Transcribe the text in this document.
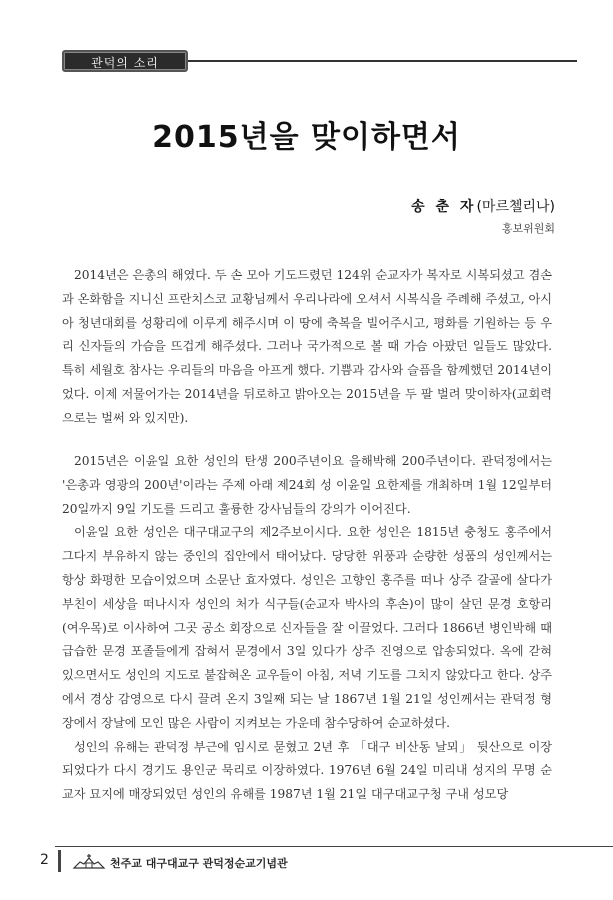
관덕의 소리
2015년을 맞이하면서
송 춘 자(마르첼리나)
홍보위원회

2014년은 은총의 해였다. 두 손 모아 기도드렸던 124위 순교자가 복자로 시복되셨고 겸손과 온화함을 지니신 프란치스코 교황님께서 우리나라에 오셔서 시복식을 주례해 주셨고, 아시아 청년대회를 성황리에 이루게 해주시며 이 땅에 축복을 빌어주시고, 평화를 기원하는 등 우리 신자들의 가슴을 뜨겁게 해주셨다. 그러나 국가적으로 볼 때 가슴 아팠던 일들도 많았다. 특히 세월호 참사는 우리들의 마음을 아프게 했다. 기쁨과 감사와 슬픔을 함께했던 2014년이었다. 이제 저물어가는 2014년을 뒤로하고 밝아오는 2015년을 두 팔 벌려 맞이하자(교회력으로는 벌써 와 있지만).

2015년은 이윤일 요한 성인의 탄생 200주년이요 을해박해 200주년이다. 관덕정에서는 '은총과 영광의 200년'이라는 주제 아래 제24회 성 이윤일 요한제를 개최하며 1월 12일부터 20일까지 9일 기도를 드리고 훌륭한 강사님들의 강의가 이어진다.

이윤일 요한 성인은 대구대교구의 제2주보이시다. 요한 성인은 1815년 충청도 홍주에서 그다지 부유하지 않는 중인의 집안에서 태어났다. 당당한 위풍과 순량한 성품의 성인께서는 항상 화평한 모습이었으며 소문난 효자였다. 성인은 고향인 홍주를 떠나 상주 갈골에 살다가 부친이 세상을 떠나시자 성인의 처가 식구들(순교자 박사의 후손)이 많이 살던 문경 호항리(여우목)로 이사하여 그곳 공소 회장으로 신자들을 잘 이끌었다. 그러다 1866년 병인박해 때 급습한 문경 포졸들에게 잡혀서 문경에서 3일 있다가 상주 진영으로 압송되었다. 옥에 갇혀 있으면서도 성인의 지도로 붙잡혀온 교우들이 아침, 저녁 기도를 그치지 않았다고 한다. 상주에서 경상 감영으로 다시 끌려 온지 3일째 되는 날 1867년 1월 21일 성인께서는 관덕정 형장에서 장날에 모인 많은 사람이 지켜보는 가운데 참수당하여 순교하셨다.

성인의 유해는 관덕정 부근에 임시로 묻혔고 2년 후 「대구 비산동 날뫼」 뒷산으로 이장되었다가 다시 경기도 용인군 묵리로 이장하였다. 1976년 6월 24일 미리내 성지의 무명 순교자 묘지에 매장되었던 성인의 유해를 1987년 1월 21일 대구대교구청 구내 성모당

2	천주교 대구대교구 관덕정순교기념관
